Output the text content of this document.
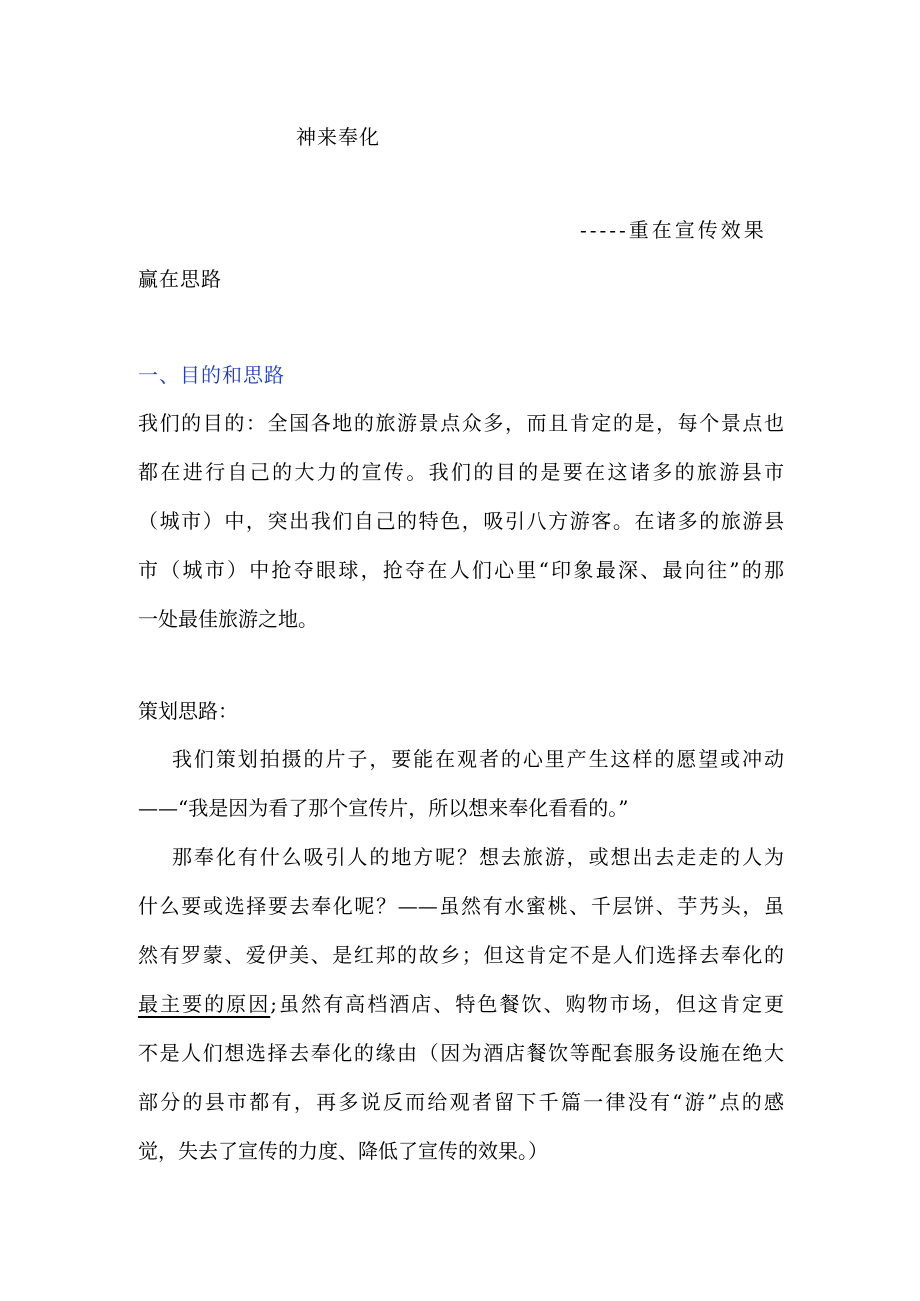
神来奉化
-----重在宣传效果
赢在思路
一、目的和思路
我们的目的：全国各地的旅游景点众多，而且肯定的是，每个景点也
都在进行自己的大力的宣传。我们的目的是要在这诸多的旅游县市
（城市）中，突出我们自己的特色，吸引八方游客。在诸多的旅游县
市（城市）中抢夺眼球，抢夺在人们心里“印象最深、最向往”的那
一处最佳旅游之地。
策划思路：
我们策划拍摄的片子，要能在观者的心里产生这样的愿望或冲动
——“我是因为看了那个宣传片，所以想来奉化看看的。”
那奉化有什么吸引人的地方呢？想去旅游，或想出去走走的人为
什么要或选择要去奉化呢？——虽然有水蜜桃、千层饼、芋艿头，虽
然有罗蒙、爱伊美、是红邦的故乡；但这肯定不是人们选择去奉化的
最主要的原因;虽然有高档酒店、特色餐饮、购物市场，但这肯定更
不是人们想选择去奉化的缘由（因为酒店餐饮等配套服务设施在绝大
部分的县市都有，再多说反而给观者留下千篇一律没有“游”点的感
觉，失去了宣传的力度、降低了宣传的效果。）
